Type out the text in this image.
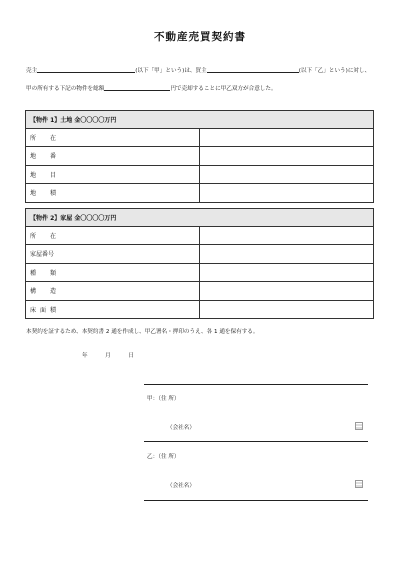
不動産売買契約書
売主	(以下「甲」という)は、買主	(以下「乙」という)に対し、
甲の所有する下記の物件を総額	円で売却することに甲乙双方が合意した。
【物件 1】土地 金〇〇〇〇万円	

所 在	

地 番	

地 目	

地 積	

【物件 2】家屋 金〇〇〇〇万円	

所 在	

家屋番号	

種 類	

構 造	

床 面 積	

本契約を証するため、本契約書 2 通を作成し、甲乙署名・押印のうえ、各 1 通を保有する。
年	月	日
甲：（住 所）
（会社名）
乙：（住 所）
（会社名）
